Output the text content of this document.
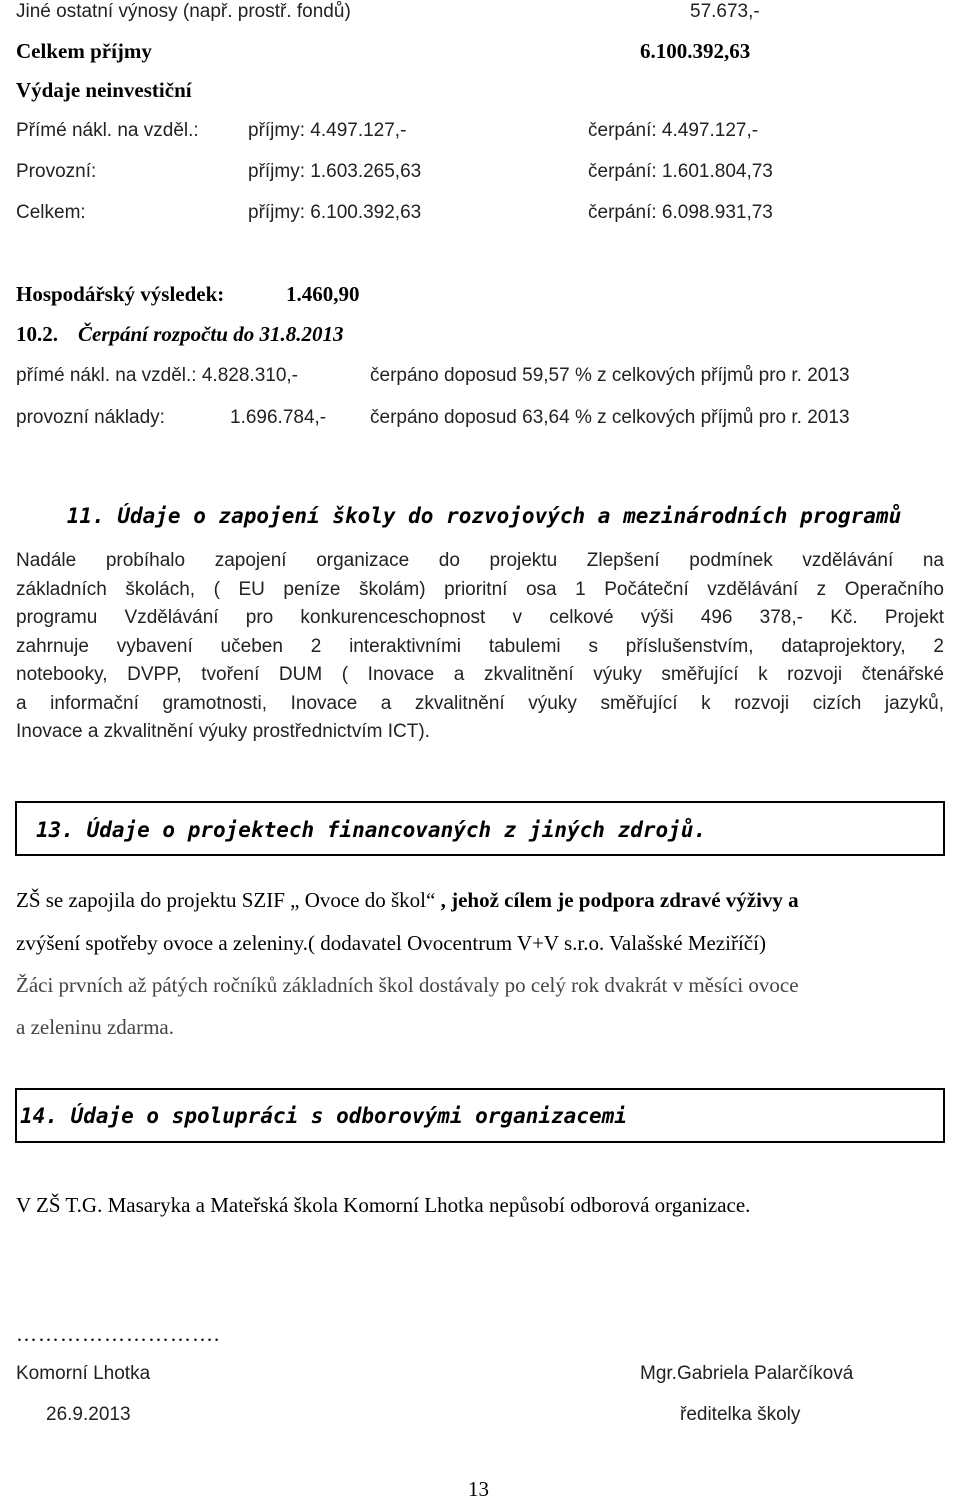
Jiné ostatní výnosy (např. prostř. fondů)	57.673,-
Celkem příjmy	6.100.392,63
Výdaje neinvestiční
Přímé nákl. na vzděl.:	příjmy: 4.497.127,-	čerpání: 4.497.127,-
Provozní:	příjmy: 1.603.265,63	čerpání: 1.601.804,73
Celkem:	příjmy: 6.100.392,63	čerpání: 6.098.931,73
Hospodářský výsledek:	1.460,90
10.2. Čerpání rozpočtu do 31.8.2013
přímé nákl. na vzděl.: 4.828.310,-	čerpáno doposud 59,57 % z celkových příjmů pro r. 2013
provozní náklady:	1.696.784,- čerpáno doposud 63,64 % z celkových příjmů pro r. 2013
11. Údaje o zapojení školy do rozvojových a mezinárodních programů
Nadále probíhalo zapojení organizace do projektu Zlepšení podmínek vzdělávání na
základních školách, ( EU peníze školám) prioritní osa 1 Počáteční vzdělávání z Operačního
programu Vzdělávání pro konkurenceschopnost v celkové výši 496 378,- Kč. Projekt
zahrnuje vybavení učeben 2 interaktivními tabulemi s příslušenstvím, dataprojektory, 2
notebooky, DVPP, tvoření DUM ( Inovace a zkvalitnění výuky směřující k rozvoji čtenářské
a informační gramotnosti, Inovace a zkvalitnění výuky směřující k rozvoji cizích jazyků,
Inovace a zkvalitnění výuky prostřednictvím ICT).
13. Údaje o projektech financovaných z jiných zdrojů.
ZŠ se zapojila do projektu SZIF „ Ovoce do škol“ , jehož cílem je podpora zdravé výživy a
zvýšení spotřeby ovoce a zeleniny.( dodavatel Ovocentrum V+V s.r.o. Valašské Meziříčí)
Žáci prvních až pátých ročníků základních škol dostávaly po celý rok dvakrát v měsíci ovoce
a zeleninu zdarma.
14. Údaje o spolupráci s odborovými organizacemi
V ZŠ T.G. Masaryka a Mateřská škola Komorní Lhotka nepůsobí odborová organizace.
……………………….
Komorní Lhotka	Mgr.Gabriela Palarčíková
26.9.2013	ředitelka školy
13
